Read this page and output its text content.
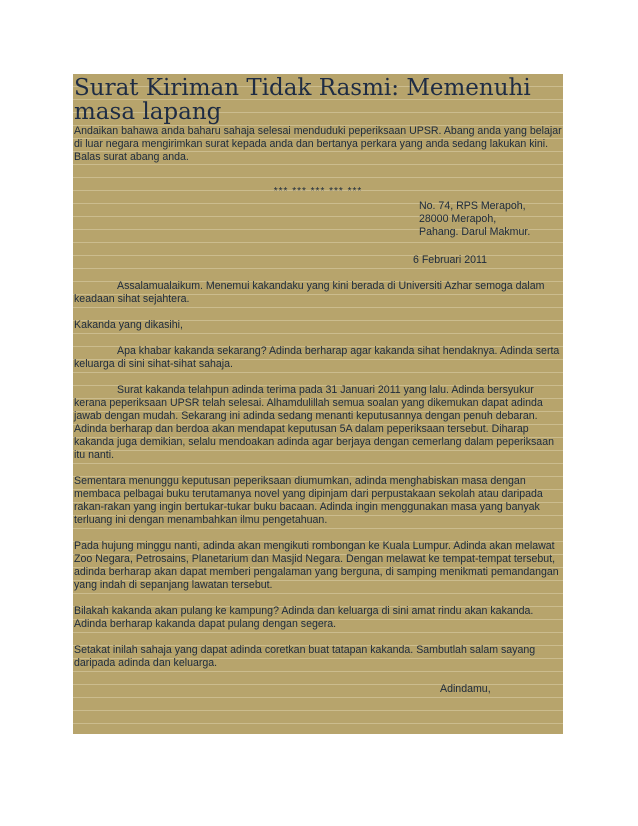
Surat Kiriman Tidak Rasmi: Memenuhi masa lapang

Andaikan bahawa anda baharu sahaja selesai menduduki peperiksaan UPSR. Abang anda yang belajar di luar negara mengirimkan surat kepada anda dan bertanya perkara yang anda sedang lakukan kini. Balas surat abang anda.

*** *** *** *** ***
No. 74, RPS Merapoh,
28000 Merapoh,
Pahang. Darul Makmur.
6 Februari 2011

Assalamualaikum. Menemui kakandaku yang kini berada di Universiti Azhar semoga dalam keadaan sihat sejahtera.

Kakanda yang dikasihi,

Apa khabar kakanda sekarang? Adinda berharap agar kakanda sihat hendaknya. Adinda serta keluarga di sini sihat-sihat sahaja.

Surat kakanda telahpun adinda terima pada 31 Januari 2011 yang lalu. Adinda bersyukur kerana peperiksaan UPSR telah selesai. Alhamdulillah semua soalan yang dikemukan dapat adinda jawab dengan mudah. Sekarang ini adinda sedang menanti keputusannya dengan penuh debaran. Adinda berharap dan berdoa akan mendapat keputusan 5A dalam peperiksaan tersebut. Diharap kakanda juga demikian, selalu mendoakan adinda agar berjaya dengan cemerlang dalam peperiksaan itu nanti.

Sementara menunggu keputusan peperiksaan diumumkan, adinda menghabiskan masa dengan membaca pelbagai buku terutamanya novel yang dipinjam dari perpustakaan sekolah atau daripada rakan-rakan yang ingin bertukar-tukar buku bacaan. Adinda ingin menggunakan masa yang banyak terluang ini dengan menambahkan ilmu pengetahuan.

Pada hujung minggu nanti, adinda akan mengikuti rombongan ke Kuala Lumpur. Adinda akan melawat Zoo Negara, Petrosains, Planetarium dan Masjid Negara. Dengan melawat ke tempat-tempat tersebut, adinda berharap akan dapat memberi pengalaman yang berguna, di samping menikmati pemandangan yang indah di sepanjang lawatan tersebut.

Bilakah kakanda akan pulang ke kampung? Adinda dan keluarga di sini amat rindu akan kakanda. Adinda berharap kakanda dapat pulang dengan segera.

Setakat inilah sahaja yang dapat adinda coretkan buat tatapan kakanda. Sambutlah salam sayang daripada adinda dan keluarga.

Adindamu,
